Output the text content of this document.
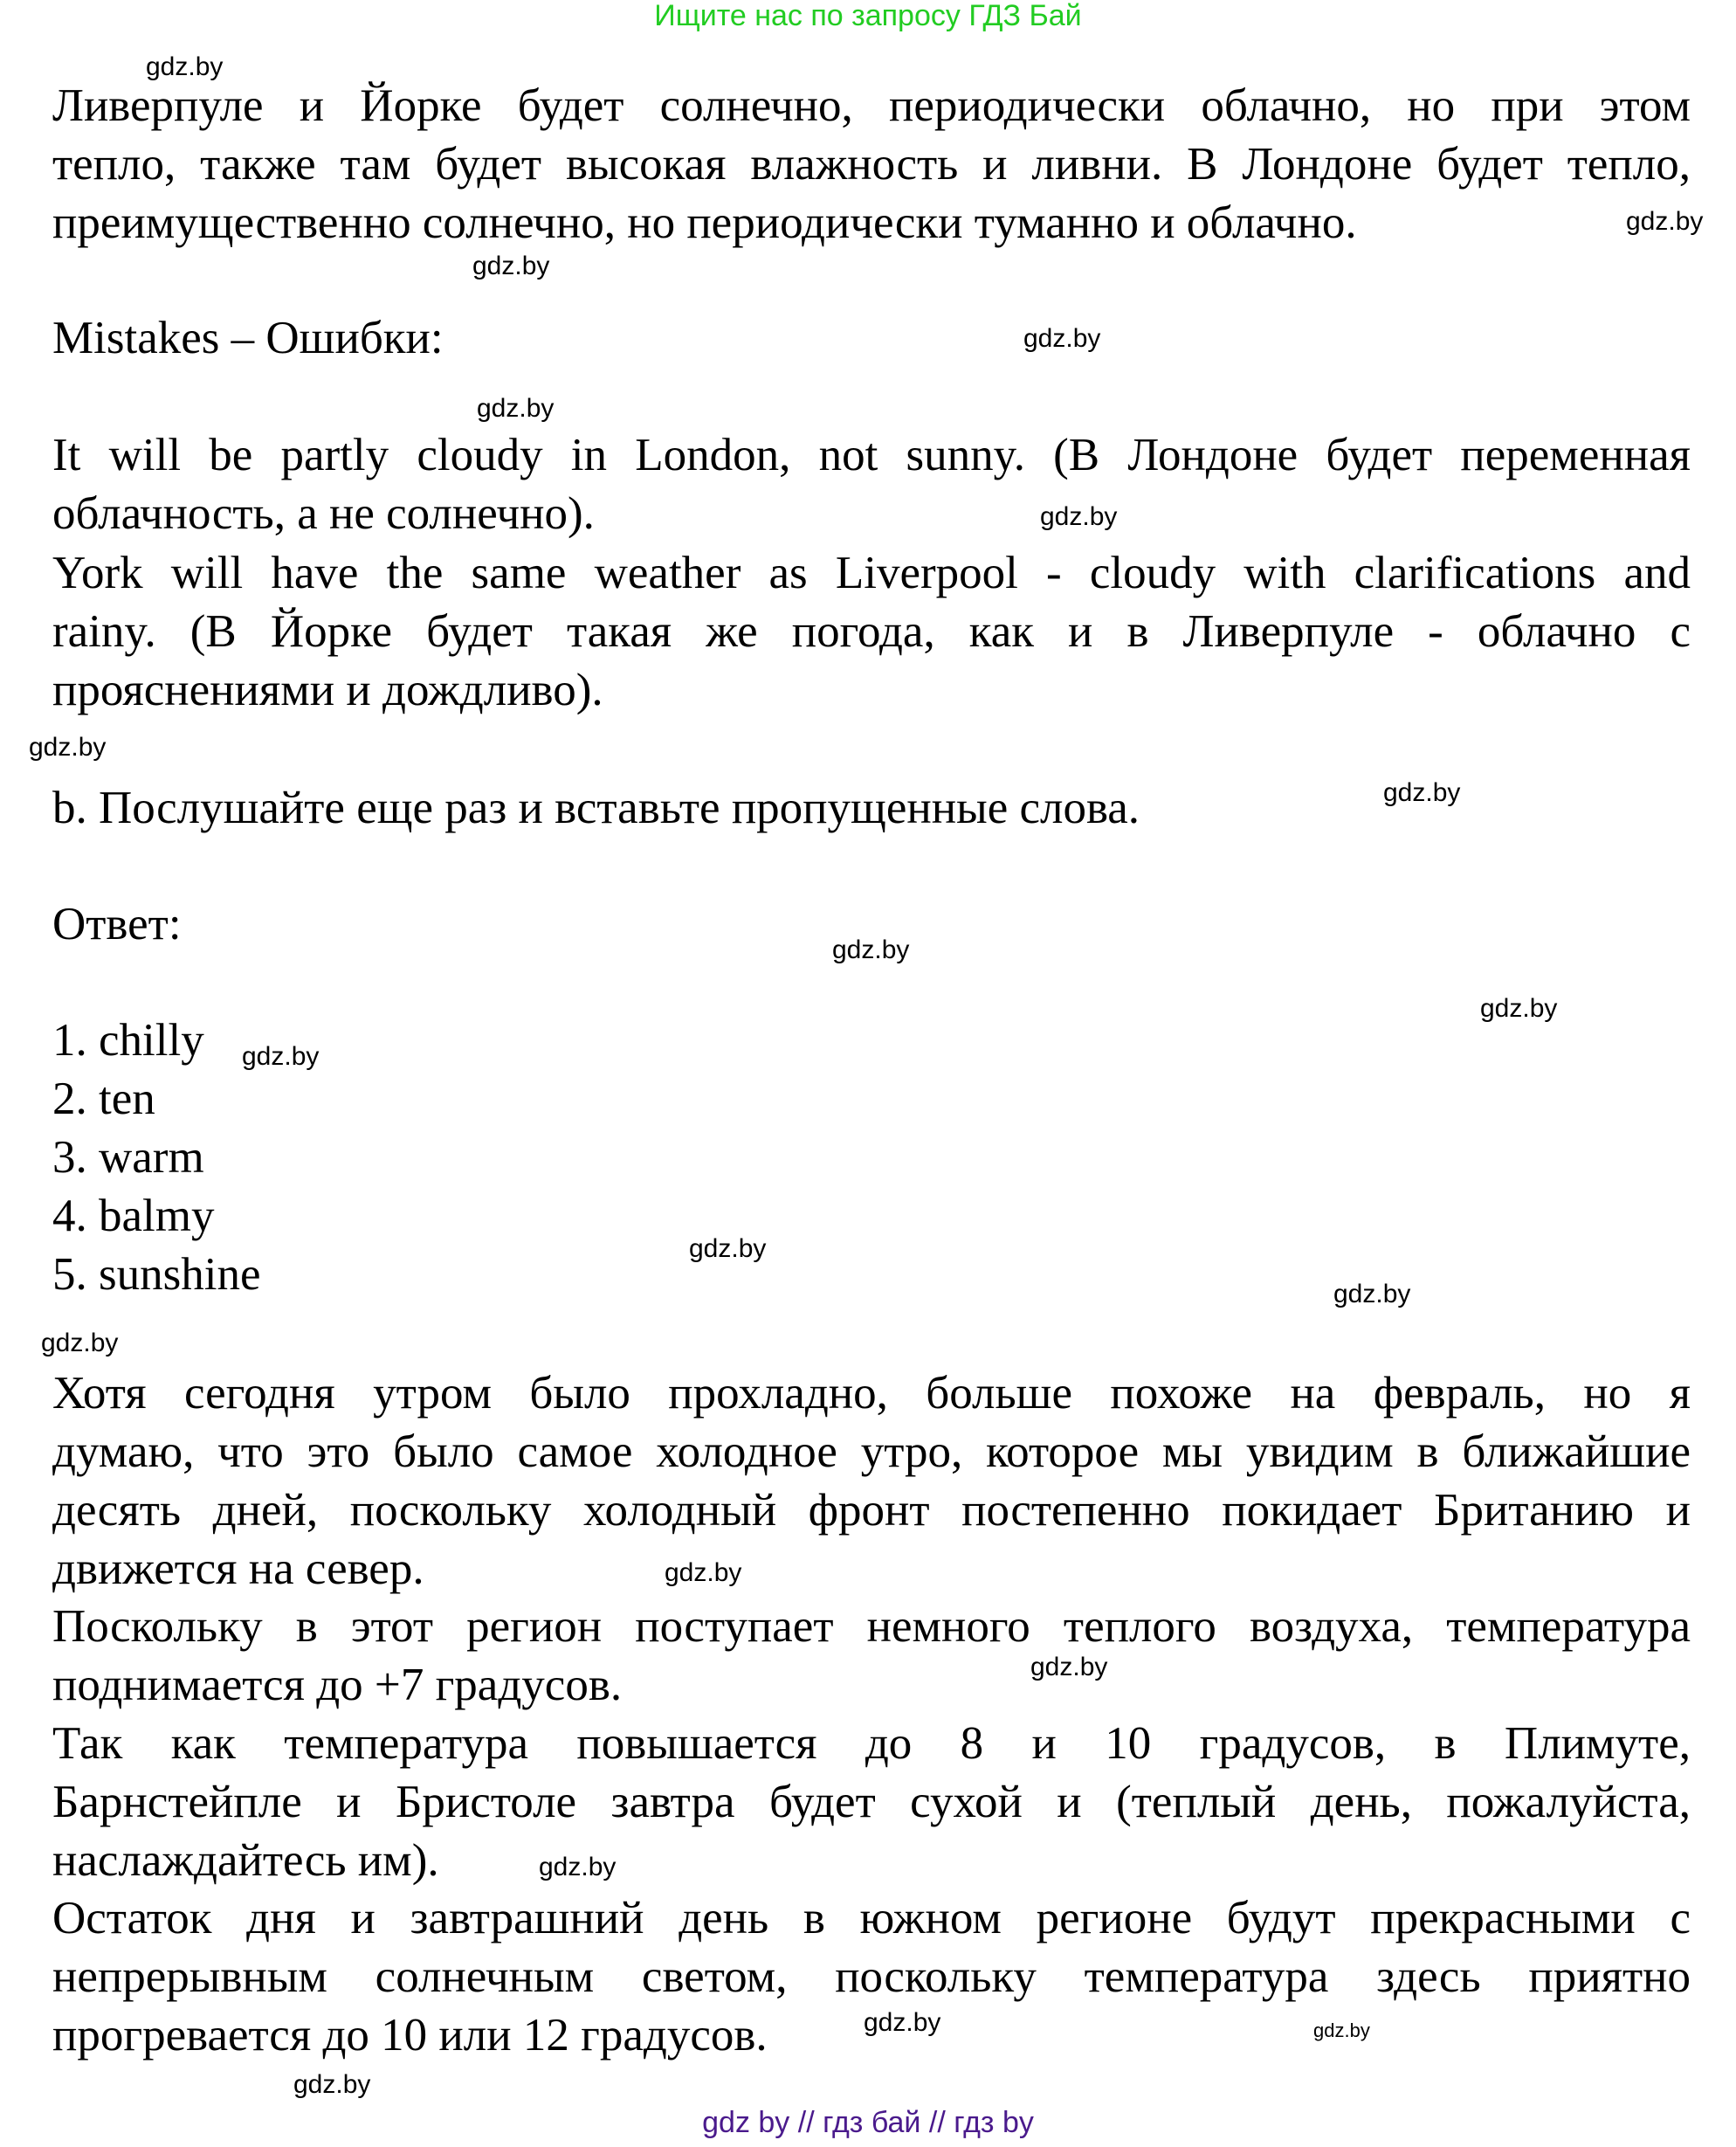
Ищите нас по запросу ГДЗ Бай
Ливерпуле и Йорке будет солнечно, периодически облачно, но при этом
тепло, также там будет высокая влажность и ливни. В Лондоне будет тепло,
преимущественно солнечно, но периодически туманно и облачно.
Mistakes – Ошибки:
It will be partly cloudy in London, not sunny. (В Лондоне будет переменная
облачность, а не солнечно).
York will have the same weather as Liverpool - cloudy with clarifications and
rainy. (В Йорке будет такая же погода, как и в Ливерпуле - облачно с
прояснениями и дождливо).
b. Послушайте еще раз и вставьте пропущенные слова.
Ответ:
1. chilly
2. ten
3. warm
4. balmy
5. sunshine
Хотя сегодня утром было прохладно, больше похоже на февраль, но я
думаю, что это было самое холодное утро, которое мы увидим в ближайшие
десять дней, поскольку холодный фронт постепенно покидает Британию и
движется на север.
Поскольку в этот регион поступает немного теплого воздуха, температура
поднимается до +7 градусов.
Так как температура повышается до 8 и 10 градусов, в Плимуте,
Барнстейпле и Бристоле завтра будет сухой и (теплый день, пожалуйста,
наслаждайтесь им).
Остаток дня и завтрашний день в южном регионе будут прекрасными с
непрерывным солнечным светом, поскольку температура здесь приятно
прогревается до 10 или 12 градусов.
gdz.by
gdz.by
gdz.by
gdz.by
gdz.by
gdz.by
gdz.by
gdz.by
gdz.by
gdz.by
gdz.by
gdz.by
gdz.by
gdz.by
gdz.by
gdz.by
gdz.by
gdz.by
gdz.by
gdz.by
gdz by // гдз бай // гдз by
